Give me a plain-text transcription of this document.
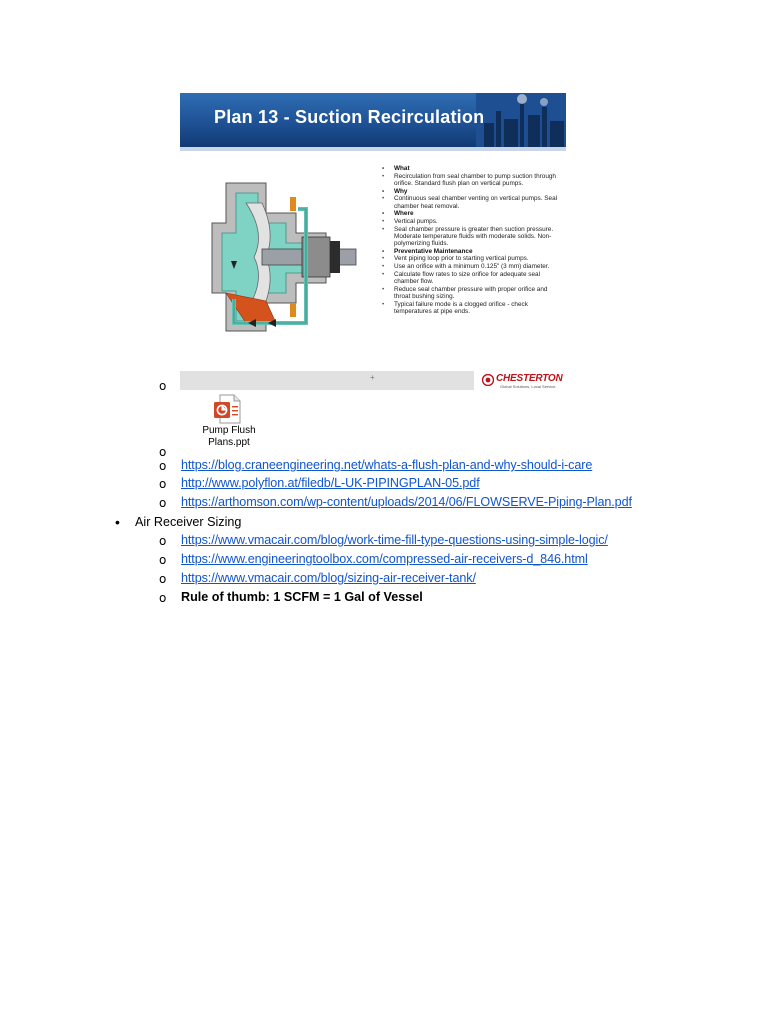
Plan 13 - Suction Recirculation
• What
• Recirculation from seal chamber to pump suction through orifice. Standard flush plan on vertical pumps.
• Why
• Continuous seal chamber venting on vertical pumps. Seal chamber heat removal.
• Where
• Vertical pumps.
• Seal chamber pressure is greater then suction pressure. Moderate temperature fluids with moderate solids. Non-polymerizing fluids.
• Preventative Maintenance
• Vent piping loop prior to starting vertical pumps.
• Use an orifice with a minimum 0.125" (3 mm) diameter.
• Calculate flow rates to size orifice for adequate seal chamber flow.
• Reduce seal chamber pressure with proper orifice and throat bushing sizing.
• Typical failure mode is a clogged orifice - check temperatures at pipe ends.
+	CHESTERTON
Global Solutions, Local Service.
o
Pump Flush Plans.ppt
o
o https://blog.craneengineering.net/whats-a-flush-plan-and-why-should-i-care
o http://www.polyflon.at/filedb/L-UK-PIPINGPLAN-05.pdf
o https://arthomson.com/wp-content/uploads/2014/06/FLOWSERVE-Piping-Plan.pdf
• Air Receiver Sizing
o https://www.vmacair.com/blog/work-time-fill-type-questions-using-simple-logic/
o https://www.engineeringtoolbox.com/compressed-air-receivers-d_846.html
o https://www.vmacair.com/blog/sizing-air-receiver-tank/
o Rule of thumb: 1 SCFM = 1 Gal of Vessel
